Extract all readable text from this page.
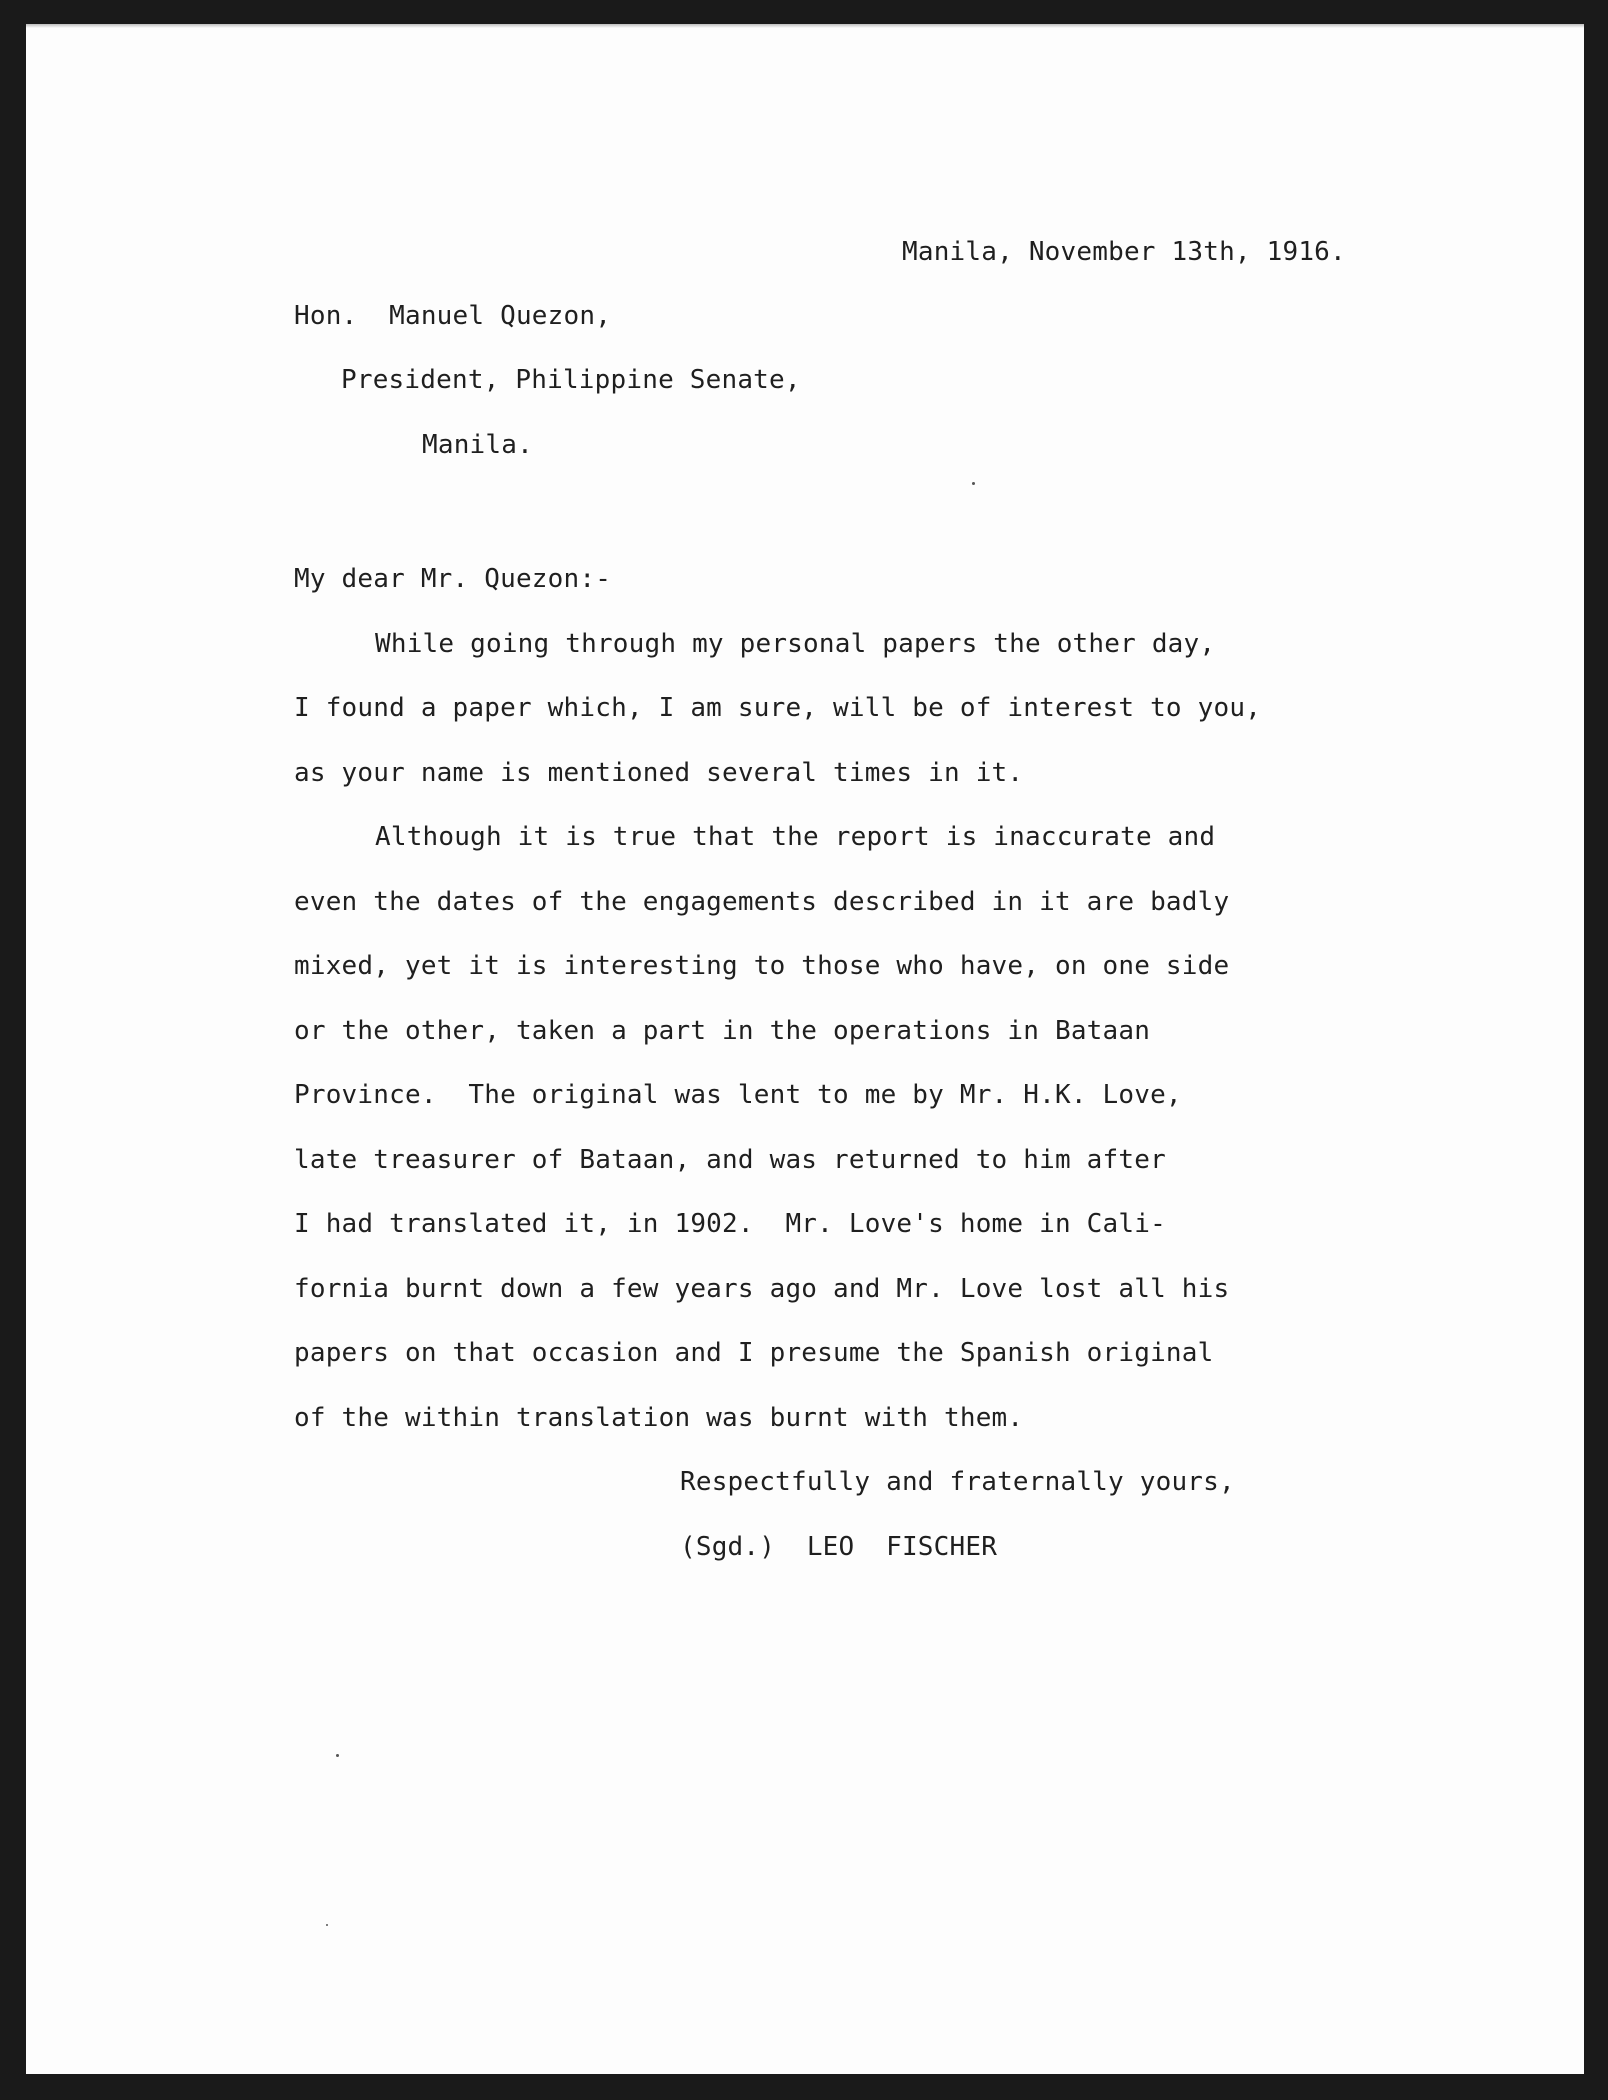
Manila, November 13th, 1916.
Hon.  Manuel Quezon,
President, Philippine Senate,
Manila.
My dear Mr. Quezon:-
While going through my personal papers the other day,
I found a paper which, I am sure, will be of interest to you,
as your name is mentioned several times in it.
Although it is true that the report is inaccurate and
even the dates of the engagements described in it are badly
mixed, yet it is interesting to those who have, on one side
or the other, taken a part in the operations in Bataan
Province.  The original was lent to me by Mr. H.K. Love,
late treasurer of Bataan, and was returned to him after
I had translated it, in 1902.  Mr. Love's home in Cali-
fornia burnt down a few years ago and Mr. Love lost all his
papers on that occasion and I presume the Spanish original
of the within translation was burnt with them.
Respectfully and fraternally yours,
(Sgd.)  LEO  FISCHER
